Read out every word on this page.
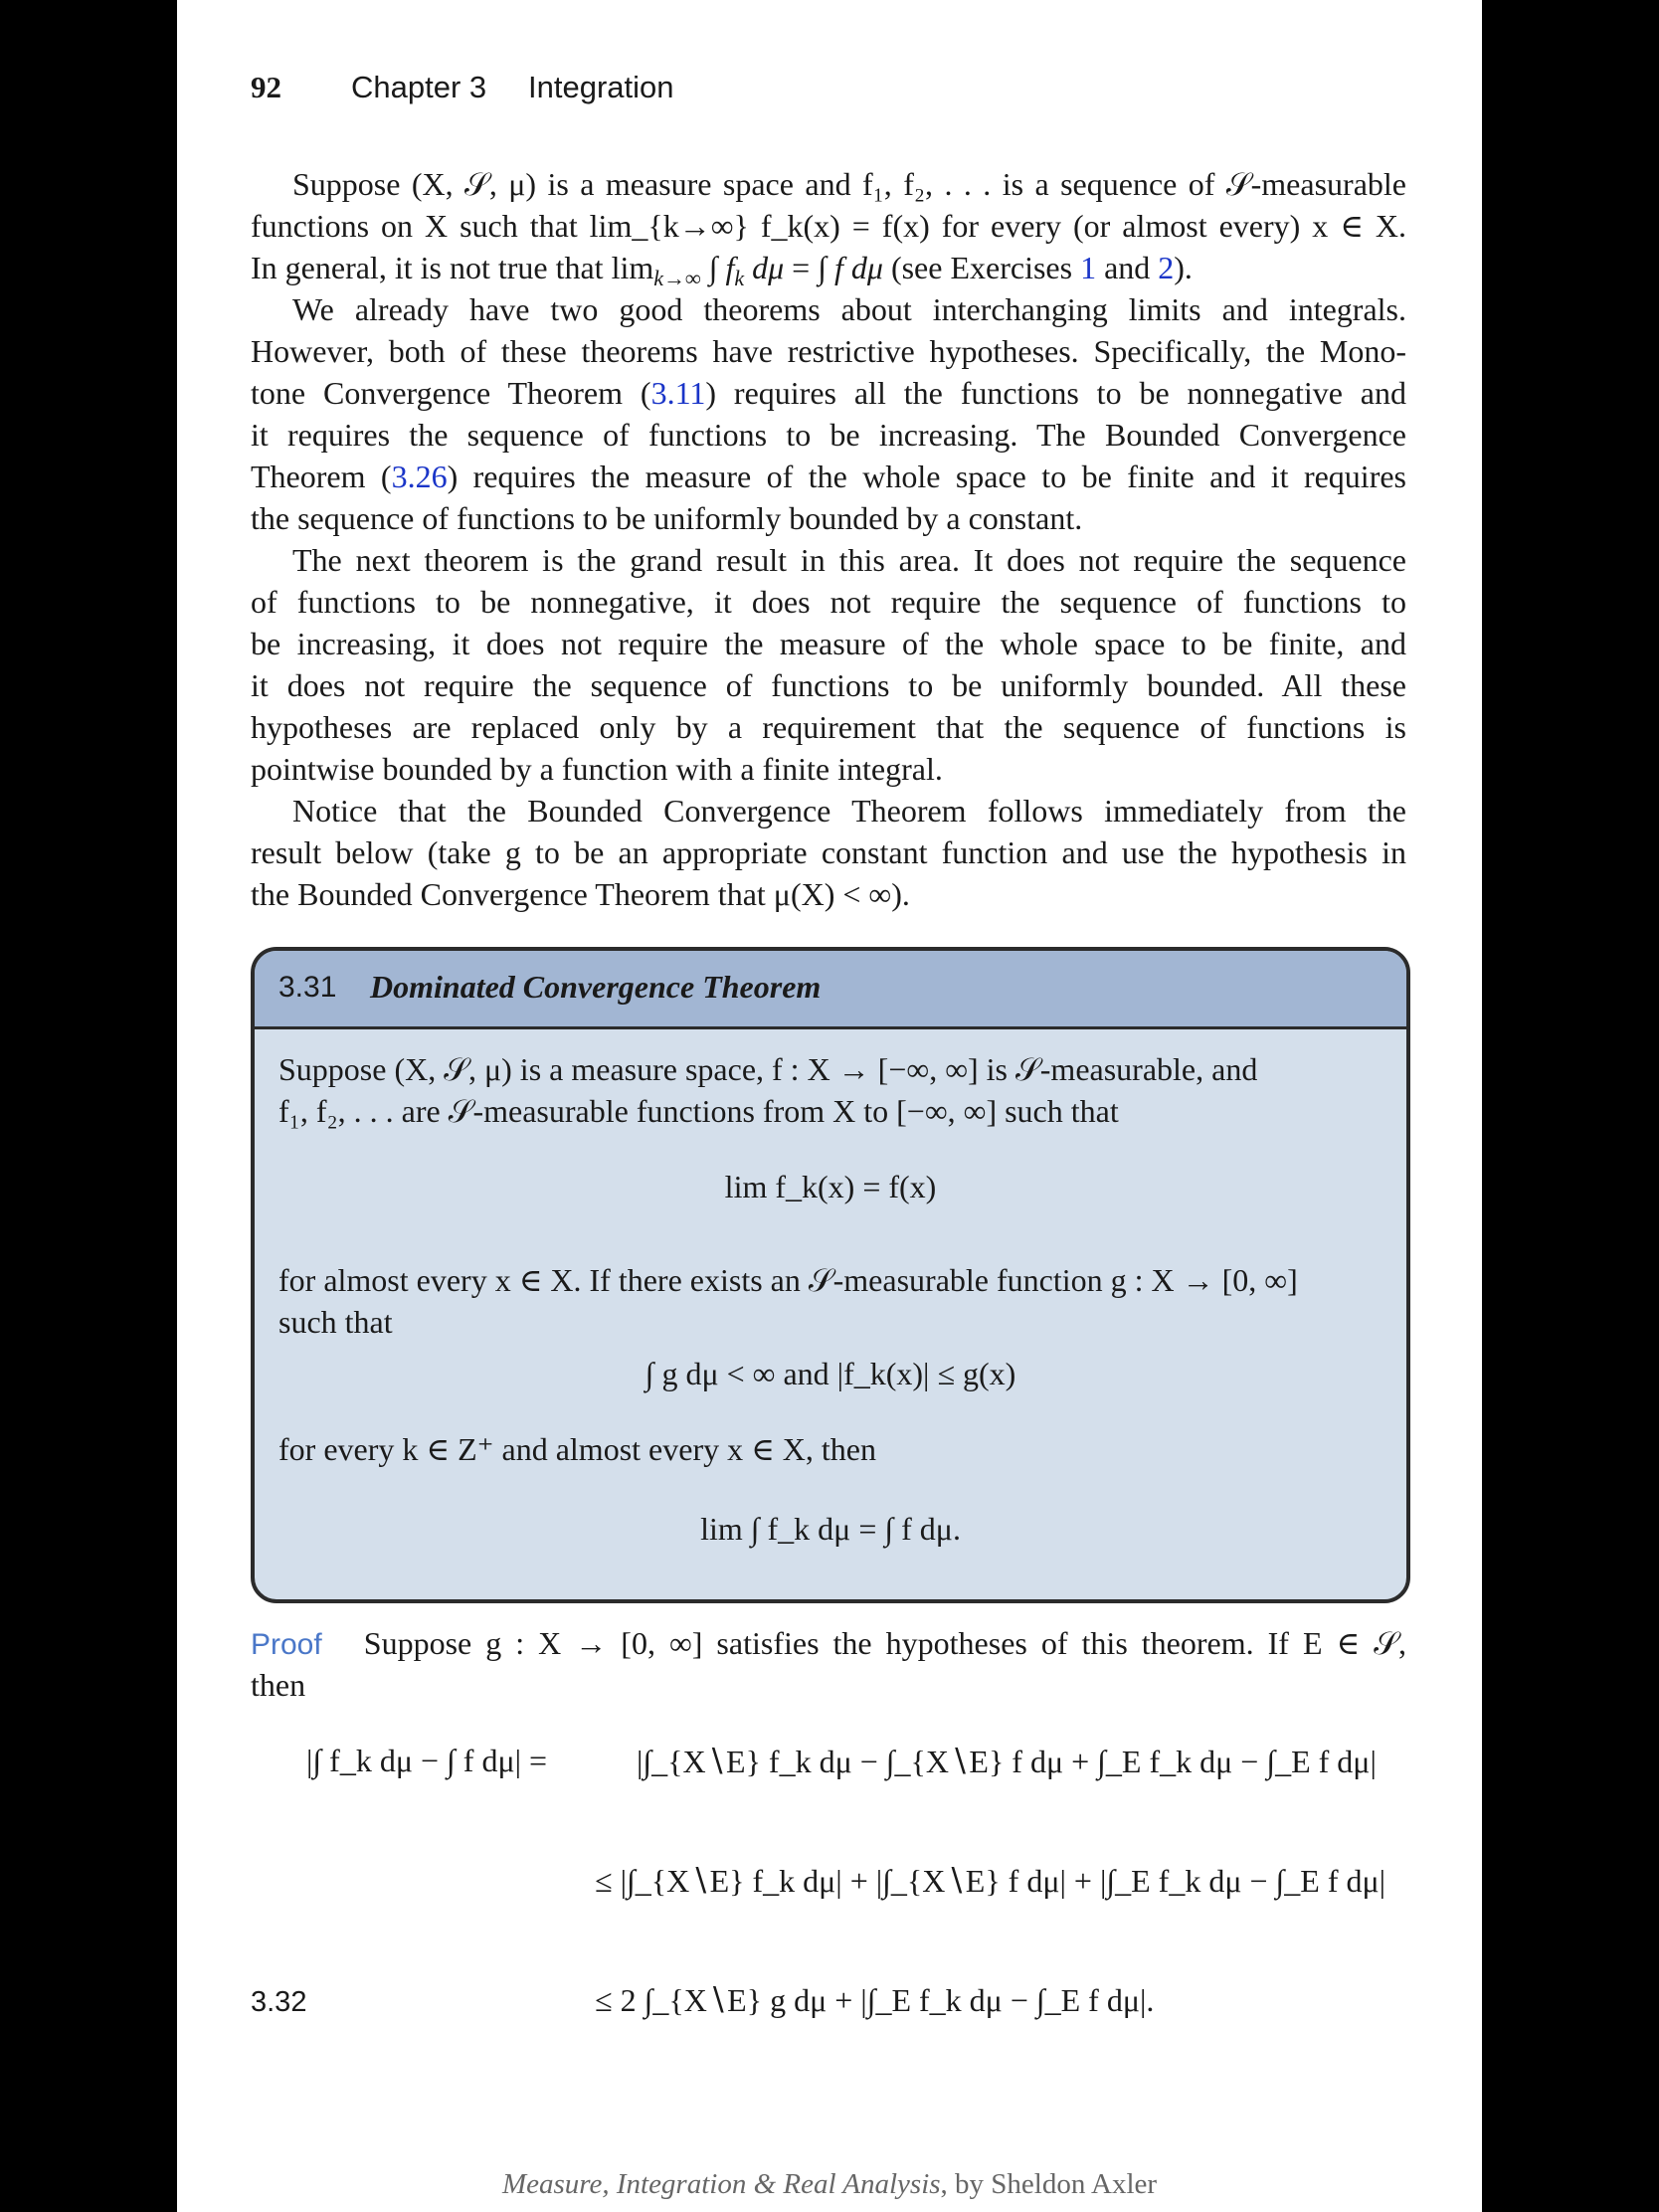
92 Chapter 3 Integration
Suppose (X, 𝒮, μ) is a measure space and f₁, f₂, . . . is a sequence of 𝒮-measurable
functions on X such that lim_{k→∞} f_k(x) = f(x) for every (or almost every) x ∈ X.
In general, it is not true that $\lim_{k\to\infty}$ ∫ $f_k$ dμ = ∫ f dμ (see Exercises 1 and 2).
We already have two good theorems about interchanging limits and integrals.
However, both of these theorems have restrictive hypotheses. Specifically, the Mono-
tone Convergence Theorem (3.11) requires all the functions to be nonnegative and
it requires the sequence of functions to be increasing. The Bounded Convergence
Theorem (3.26) requires the measure of the whole space to be finite and it requires
the sequence of functions to be uniformly bounded by a constant.
The next theorem is the grand result in this area. It does not require the sequence
of functions to be nonnegative, it does not require the sequence of functions to
be increasing, it does not require the measure of the whole space to be finite, and
it does not require the sequence of functions to be uniformly bounded. All these
hypotheses are replaced only by a requirement that the sequence of functions is
pointwise bounded by a function with a finite integral.
Notice that the Bounded Convergence Theorem follows immediately from the
result below (take g to be an appropriate constant function and use the hypothesis in
the Bounded Convergence Theorem that μ(X) < ∞).
3.31 Dominated Convergence Theorem
Suppose (X, 𝒮, μ) is a measure space, f : X → [−∞, ∞] is 𝒮-measurable, and
f₁, f₂, . . . are 𝒮-measurable functions from X to [−∞, ∞] such that
lim f_k(x) = f(x)
for almost every x ∈ X. If there exists an 𝒮-measurable function g : X → [0, ∞]
such that
∫ g dμ < ∞ and |f_k(x)| ≤ g(x)
for every k ∈ Z⁺ and almost every x ∈ X, then
lim ∫ f_k dμ = ∫ f dμ.
Proof Suppose g : X → [0, ∞] satisfies the hypotheses of this theorem. If E ∈ 𝒮,
then
|∫ f_k dμ − ∫ f dμ| =	|∫_{X∖E} f_k dμ − ∫_{X∖E} f dμ + ∫_E f_k dμ − ∫_E f dμ|
≤ |∫_{X∖E} f_k dμ| + |∫_{X∖E} f dμ| + |∫_E f_k dμ − ∫_E f dμ|
≤ 2 ∫_{X∖E} g dμ + |∫_E f_k dμ − ∫_E f dμ|.
3.32
Measure, Integration & Real Analysis, by Sheldon Axler
